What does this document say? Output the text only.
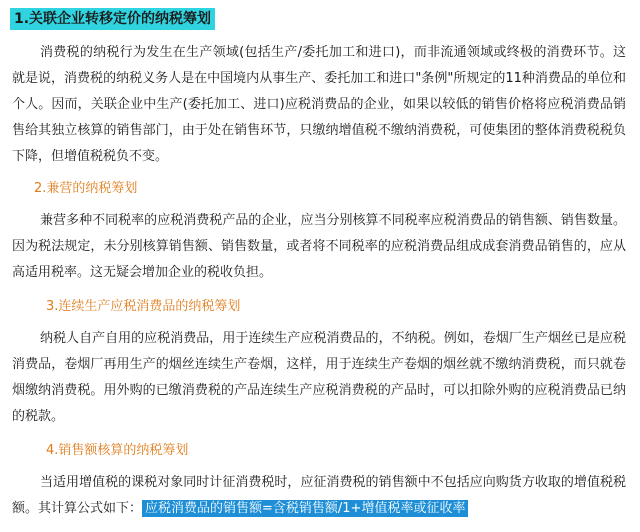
1.关联企业转移定价的纳税筹划
消费税的纳税行为发生在生产领域(包括生产/委托加工和进口)，而非流通领域或终极的消费环节。这就是说，消费税的纳税义务人是在中国境内从事生产、委托加工和进口"条例"所规定的11种消费品的单位和个人。因而，关联企业中生产(委托加工、进口)应税消费品的企业，如果以较低的销售价格将应税消费品销售给其独立核算的销售部门，由于处在销售环节，只缴纳增值税不缴纳消费税，可使集团的整体消费税税负下降，但增值税税负不变。
2.兼营的纳税筹划
兼营多种不同税率的应税消费税产品的企业，应当分别核算不同税率应税消费品的销售额、销售数量。因为税法规定，未分别核算销售额、销售数量，或者将不同税率的应税消费品组成成套消费品销售的，应从高适用税率。这无疑会增加企业的税收负担。
3.连续生产应税消费品的纳税筹划
纳税人自产自用的应税消费品，用于连续生产应税消费品的，不纳税。例如，卷烟厂生产烟丝已是应税消费品，卷烟厂再用生产的烟丝连续生产卷烟，这样，用于连续生产卷烟的烟丝就不缴纳消费税，而只就卷烟缴纳消费税。用外购的已缴消费税的产品连续生产应税消费税的产品时，可以扣除外购的应税消费品已纳的税款。
4.销售额核算的纳税筹划
当适用增值税的课税对象同时计征消费税时，应征消费税的销售额中不包括应向购货方收取的增值税税额。其计算公式如下： 应税消费品的销售额=含税销售额/1+增值税率或征收率
